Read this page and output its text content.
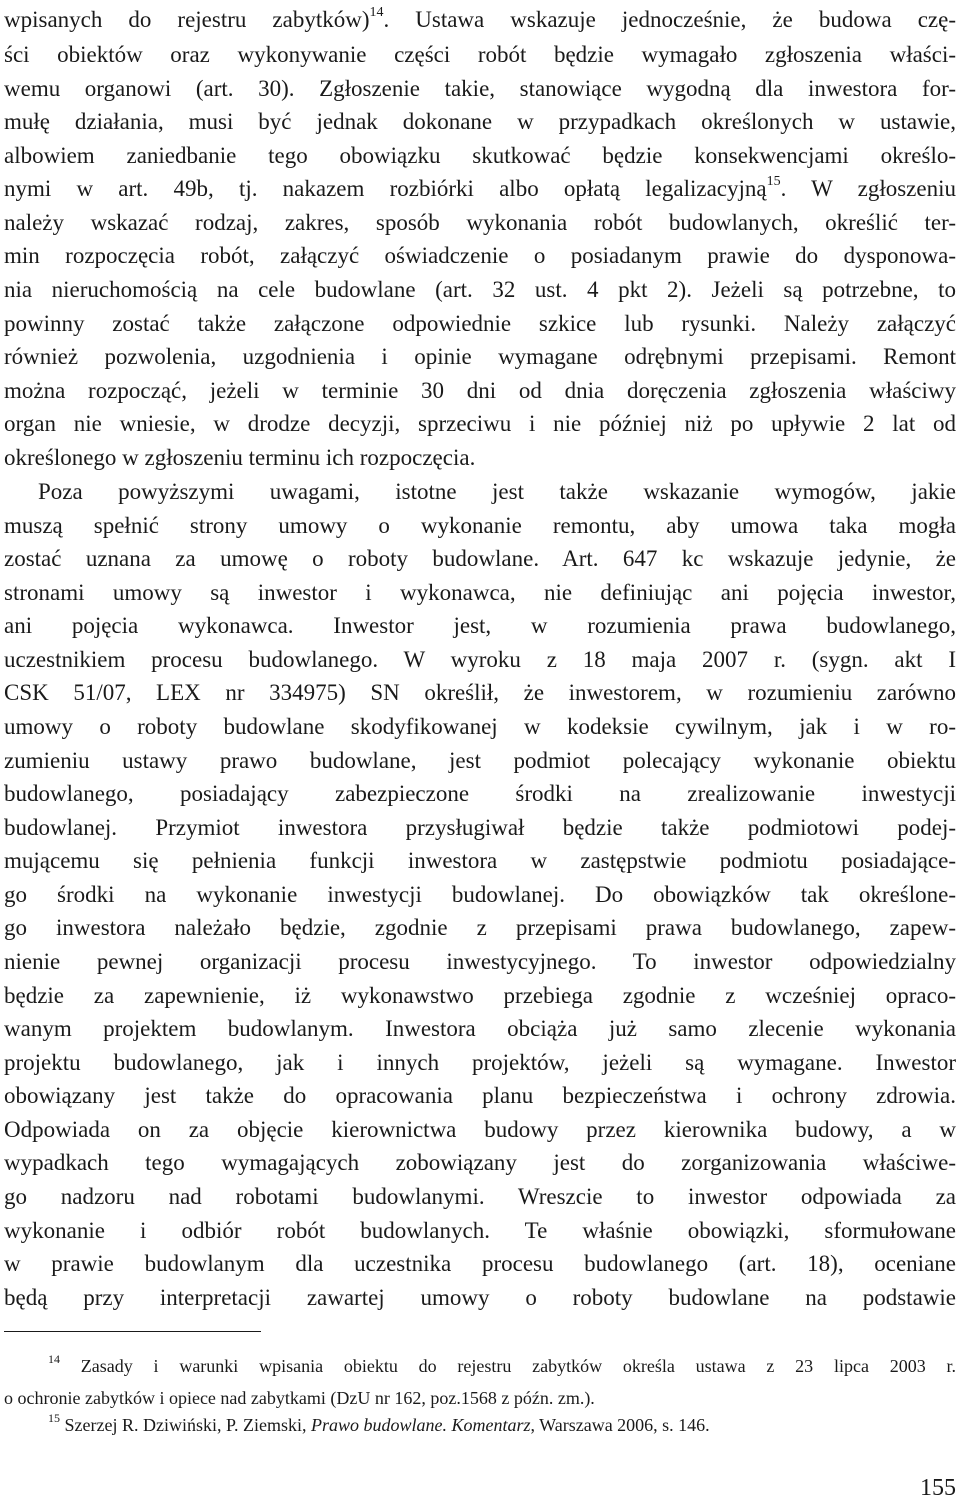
wpisanych do rejestru zabytków)$^{14}$. Ustawa wskazuje jednocześnie, że budowa czę-
ści obiektów oraz wykonywanie części robót będzie wymagało zgłoszenia właści-
wemu organowi (art. 30). Zgłoszenie takie, stanowiące wygodną dla inwestora for-
mułę działania, musi być jednak dokonane w przypadkach określonych w ustawie,
albowiem zaniedbanie tego obowiązku skutkować będzie konsekwencjami określo-
nymi w art. 49b, tj. nakazem rozbiórki albo opłatą legalizacyjną$^{15}$. W zgłoszeniu
należy wskazać rodzaj, zakres, sposób wykonania robót budowlanych, określić ter-
min rozpoczęcia robót, załączyć oświadczenie o posiadanym prawie do dysponowa-
nia nieruchomością na cele budowlane (art. 32 ust. 4 pkt 2). Jeżeli są potrzebne, to
powinny zostać także załączone odpowiednie szkice lub rysunki. Należy załączyć
również pozwolenia, uzgodnienia i opinie wymagane odrębnymi przepisami. Remont
można rozpocząć, jeżeli w terminie 30 dni od dnia doręczenia zgłoszenia właściwy
organ nie wniesie, w drodze decyzji, sprzeciwu i nie później niż po upływie 2 lat od
określonego w zgłoszeniu terminu ich rozpoczęcia.
Poza powyższymi uwagami, istotne jest także wskazanie wymogów, jakie
muszą spełnić strony umowy o wykonanie remontu, aby umowa taka mogła
zostać uznana za umowę o roboty budowlane. Art. 647 kc wskazuje jedynie, że
stronami umowy są inwestor i wykonawca, nie definiując ani pojęcia inwestor,
ani pojęcia wykonawca. Inwestor jest, w rozumienia prawa budowlanego,
uczestnikiem procesu budowlanego. W wyroku z 18 maja 2007 r. (sygn. akt I
CSK 51/07, LEX nr 334975) SN określił, że inwestorem, w rozumieniu zarówno
umowy o roboty budowlane skodyfikowanej w kodeksie cywilnym, jak i w ro-
zumieniu ustawy prawo budowlane, jest podmiot polecający wykonanie obiektu
budowlanego, posiadający zabezpieczone środki na zrealizowanie inwestycji
budowlanej. Przymiot inwestora przysługiwał będzie także podmiotowi podej-
mującemu się pełnienia funkcji inwestora w zastępstwie podmiotu posiadające-
go środki na wykonanie inwestycji budowlanej. Do obowiązków tak określone-
go inwestora należało będzie, zgodnie z przepisami prawa budowlanego, zapew-
nienie pewnej organizacji procesu inwestycyjnego. To inwestor odpowiedzialny
będzie za zapewnienie, iż wykonawstwo przebiega zgodnie z wcześniej opraco-
wanym projektem budowlanym. Inwestora obciąża już samo zlecenie wykonania
projektu budowlanego, jak i innych projektów, jeżeli są wymagane. Inwestor
obowiązany jest także do opracowania planu bezpieczeństwa i ochrony zdrowia.
Odpowiada on za objęcie kierownictwa budowy przez kierownika budowy, a w
wypadkach tego wymagających zobowiązany jest do zorganizowania właściwe-
go nadzoru nad robotami budowlanymi. Wreszcie to inwestor odpowiada za
wykonanie i odbiór robót budowlanych. Te właśnie obowiązki, sformułowane
w prawie budowlanym dla uczestnika procesu budowlanego (art. 18), oceniane
będą przy interpretacji zawartej umowy o roboty budowlane na podstawie
$^{14}$ Zasady i warunki wpisania obiektu do rejestru zabytków określa ustawa z 23 lipca 2003 r.
o ochronie zabytków i opiece nad zabytkami (DzU nr 162, poz.1568 z późn. zm.).
$^{15}$ Szerzej R. Dziwiński, P. Ziemski, Prawo budowlane. Komentarz, Warszawa 2006, s. 146.
155
